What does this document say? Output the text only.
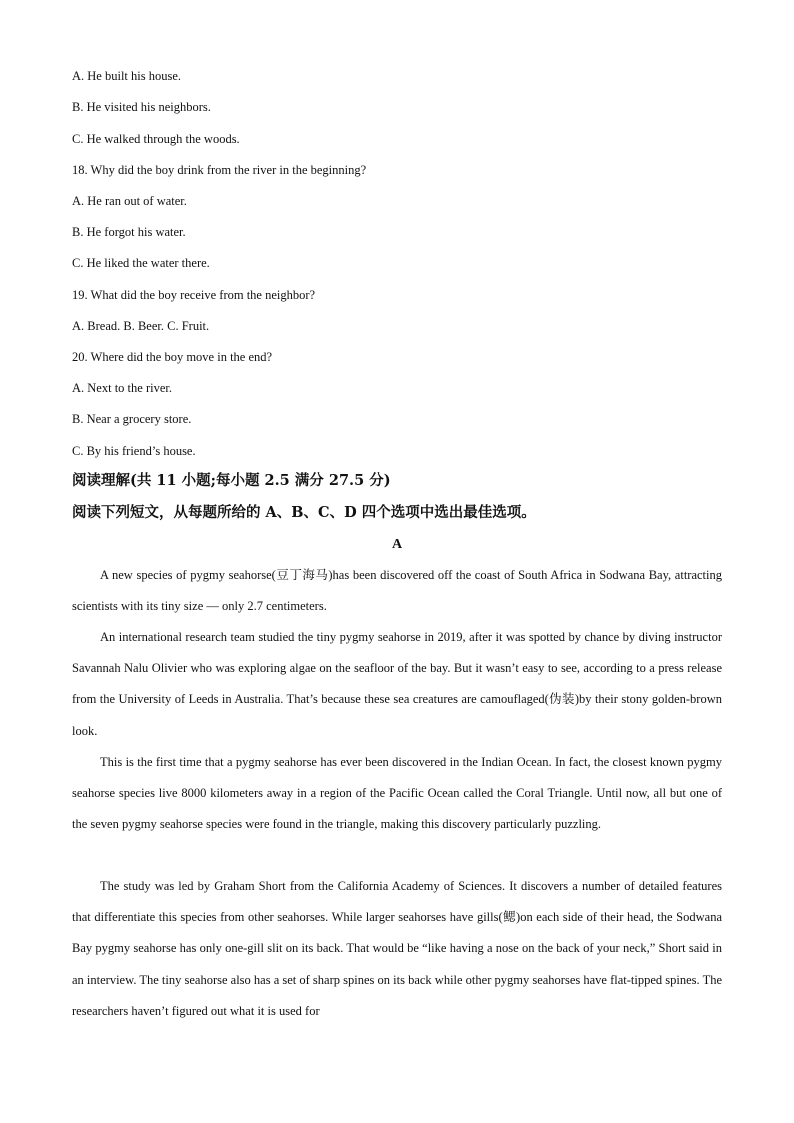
A. He built his house.
B. He visited his neighbors.
C. He walked through the woods.
18. Why did the boy drink from the river in the beginning?
A. He ran out of water.
B. He forgot his water.
C. He liked the water there.
19. What did the boy receive from the neighbor?
A. Bread. B. Beer. C. Fruit.
20. Where did the boy move in the end?
A. Next to the river.
B. Near a grocery store.
C. By his friend’s house.
阅读理解(共 11 小题;每小题 2.5 满分 27.5 分)
阅读下列短文，从每题所给的 A、B、C、D 四个选项中选出最佳选项。
A
A new species of pygmy seahorse(豆丁海马)has been discovered off the coast of South Africa in Sodwana Bay, attracting scientists with its tiny size — only 2.7 centimeters.
An international research team studied the tiny pygmy seahorse in 2019, after it was spotted by chance by diving instructor Savannah Nalu Olivier who was exploring algae on the seafloor of the bay. But it wasn’t easy to see, according to a press release from the University of Leeds in Australia. That’s because these sea creatures are camouflaged(伪装)by their stony golden-brown look.
This is the first time that a pygmy seahorse has ever been discovered in the Indian Ocean. In fact, the closest known pygmy seahorse species live 8000 kilometers away in a region of the Pacific Ocean called the Coral Triangle. Until now, all but one of the seven pygmy seahorse species were found in the triangle, making this discovery particularly puzzling.
The study was led by Graham Short from the California Academy of Sciences. It discovers a number of detailed features that differentiate this species from other seahorses. While larger seahorses have gills(鳃)on each side of their head, the Sodwana Bay pygmy seahorse has only one-gill slit on its back. That would be “like having a nose on the back of your neck,” Short said in an interview. The tiny seahorse also has a set of sharp spines on its back while other pygmy seahorses have flat-tipped spines. The researchers haven’t figured out what it is used for
